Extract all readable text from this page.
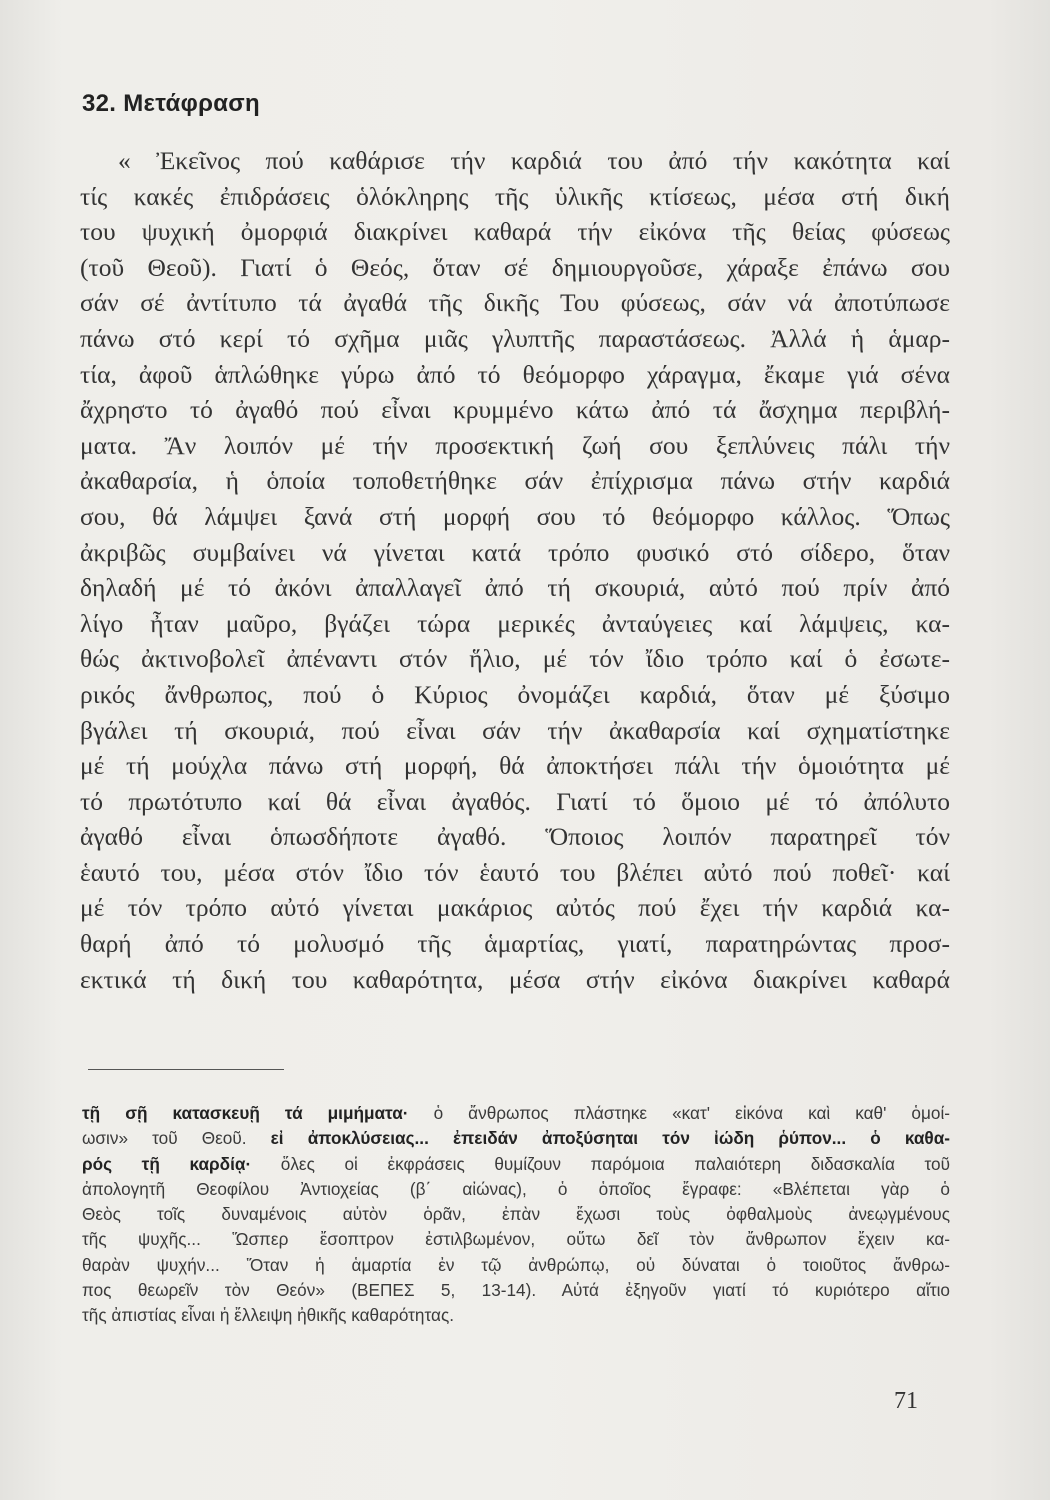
32. Μετάφραση
« Ἐκεῖνος πού καθάρισε τήν καρδιά του ἀπό τήν κακότητα καί
τίς κακές ἐπιδράσεις ὁλόκληρης τῆς ὑλικῆς κτίσεως, μέσα στή δική
του ψυχική ὀμορφιά διακρίνει καθαρά τήν εἰκόνα τῆς θείας φύσεως
(τοῦ Θεοῦ). Γιατί ὁ Θεός, ὅταν σέ δημιουργοῦσε, χάραξε ἐπάνω σου
σάν σέ ἀντίτυπο τά ἀγαθά τῆς δικῆς Του φύσεως, σάν νά ἀποτύπωσε
πάνω στό κερί τό σχῆμα μιᾶς γλυπτῆς παραστάσεως. Ἀλλά ἡ ἁμαρ-
τία, ἀφοῦ ἁπλώθηκε γύρω ἀπό τό θεόμορφο χάραγμα, ἔκαμε γιά σένα
ἄχρηστο τό ἀγαθό πού εἶναι κρυμμένο κάτω ἀπό τά ἄσχημα περιβλή-
ματα. Ἄν λοιπόν μέ τήν προσεκτική ζωή σου ξεπλύνεις πάλι τήν
ἀκαθαρσία, ἡ ὁποία τοποθετήθηκε σάν ἐπίχρισμα πάνω στήν καρδιά
σου, θά λάμψει ξανά στή μορφή σου τό θεόμορφο κάλλος. Ὅπως
ἀκριβῶς συμβαίνει νά γίνεται κατά τρόπο φυσικό στό σίδερο, ὅταν
δηλαδή μέ τό ἀκόνι ἀπαλλαγεῖ ἀπό τή σκουριά, αὐτό πού πρίν ἀπό
λίγο ἦταν μαῦρο, βγάζει τώρα μερικές ἀνταύγειες καί λάμψεις, κα-
θώς ἀκτινοβολεῖ ἀπέναντι στόν ἥλιο, μέ τόν ἴδιο τρόπο καί ὁ ἐσωτε-
ρικός ἄνθρωπος, πού ὁ Κύριος ὀνομάζει καρδιά, ὅταν μέ ξύσιμο
βγάλει τή σκουριά, πού εἶναι σάν τήν ἀκαθαρσία καί σχηματίστηκε
μέ τή μούχλα πάνω στή μορφή, θά ἀποκτήσει πάλι τήν ὁμοιότητα μέ
τό πρωτότυπο καί θά εἶναι ἀγαθός. Γιατί τό ὅμοιο μέ τό ἀπόλυτο
ἀγαθό εἶναι ὁπωσδήποτε ἀγαθό. Ὅποιος λοιπόν παρατηρεῖ τόν
ἑαυτό του, μέσα στόν ἴδιο τόν ἑαυτό του βλέπει αὐτό πού ποθεῖ· καί
μέ τόν τρόπο αὐτό γίνεται μακάριος αὐτός πού ἔχει τήν καρδιά κα-
θαρή ἀπό τό μολυσμό τῆς ἁμαρτίας, γιατί, παρατηρώντας προσ-
εκτικά τή δική του καθαρότητα, μέσα στήν εἰκόνα διακρίνει καθαρά
τῇ σῇ κατασκευῇ τά μιμήματα· ὁ ἄνθρωπος πλάστηκε «κατ' εἰκόνα καὶ καθ' ὁμοί-
ωσιν» τοῦ Θεοῦ. εἰ ἀποκλύσειας... ἐπειδάν ἀποξύσηται τόν ἰώδη ῥύπον... ὁ καθα-
ρός τῇ καρδίᾳ· ὅλες οἱ ἐκφράσεις θυμίζουν παρόμοια παλαιότερη διδασκαλία τοῦ
ἀπολογητῆ Θεοφίλου Ἀντιοχείας (β΄ αἰώνας), ὁ ὁποῖος ἔγραφε: «Βλέπεται γὰρ ὁ
Θεὸς τοῖς δυναμένοις αὐτὸν ὁρᾶν, ἐπὰν ἔχωσι τοὺς ὀφθαλμοὺς ἀνεῳγμένους
τῆς ψυχῆς... Ὥσπερ ἔσοπτρον ἐστιλβωμένον, οὕτω δεῖ τὸν ἄνθρωπον ἔχειν κα-
θαρὰν ψυχήν... Ὅταν ἡ ἁμαρτία ἐν τῷ ἀνθρώπῳ, οὐ δύναται ὁ τοιοῦτος ἄνθρω-
πος θεωρεῖν τὸν Θεόν» (ΒΕΠΕΣ 5, 13-14). Αὐτά ἐξηγοῦν γιατί τό κυριότερο αἴτιο
τῆς ἀπιστίας εἶναι ἡ ἔλλειψη ἠθικῆς καθαρότητας.
71
